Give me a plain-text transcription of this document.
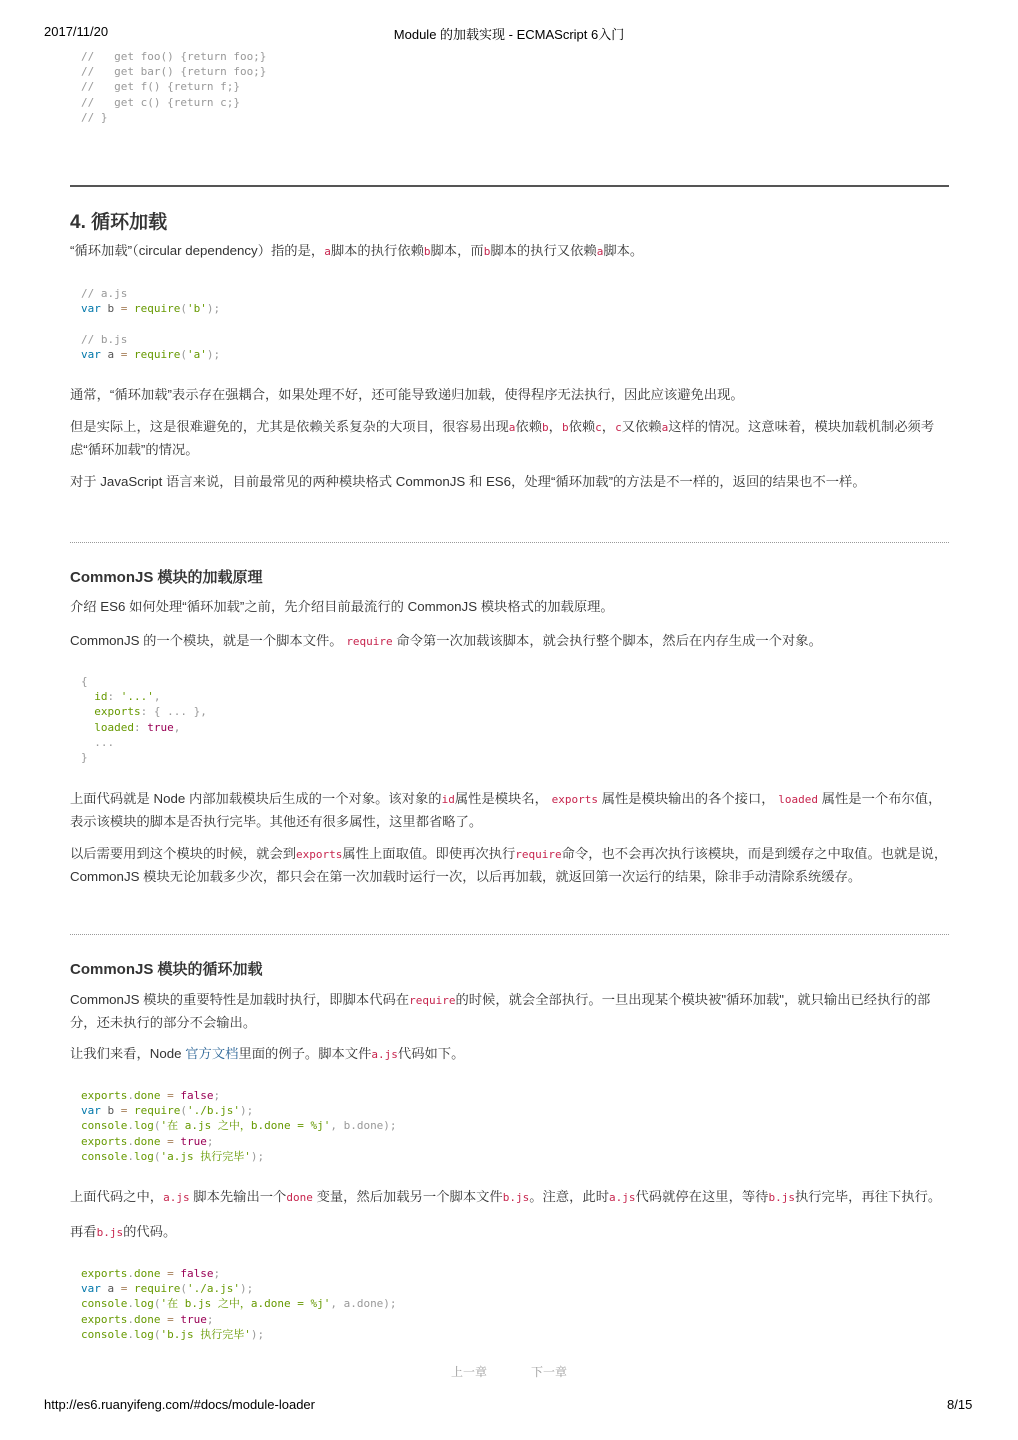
2017/11/20	Module 的加载实现 - ECMAScript 6入门
//   get foo() {return foo;}
//   get bar() {return foo;}
//   get f() {return f;}
//   get c() {return c;}
// }
4. 循环加载

“循环加载”（circular dependency）指的是，a脚本的执行依赖b脚本，而b脚本的执行又依赖a脚本。

// a.js
var b = require('b');

// b.js
var a = require('a');

通常，“循环加载”表示存在强耦合，如果处理不好，还可能导致递归加载，使得程序无法执行，因此应该避免出现。

但是实际上，这是很难避免的，尤其是依赖关系复杂的大项目，很容易出现a依赖b，b依赖c，c又依赖a这样的情况。这意味着，模块加载机制必须考虑“循环加载”的情况。

对于 JavaScript 语言来说，目前最常见的两种模块格式 CommonJS 和 ES6，处理“循环加载”的方法是不一样的，返回的结果也不一样。

CommonJS 模块的加载原理

介绍 ES6 如何处理“循环加载”之前，先介绍目前最流行的 CommonJS 模块格式的加载原理。

CommonJS 的一个模块，就是一个脚本文件。 require 命令第一次加载该脚本，就会执行整个脚本，然后在内存生成一个对象。

{
id: '...',
exports: { ... },
loaded: true,
...
}

上面代码就是 Node 内部加载模块后生成的一个对象。该对象的id属性是模块名， exports 属性是模块输出的各个接口， loaded 属性是一个布尔值，表示该模块的脚本是否执行完毕。其他还有很多属性，这里都省略了。

以后需要用到这个模块的时候，就会到exports属性上面取值。即使再次执行require命令，也不会再次执行该模块，而是到缓存之中取值。也就是说，CommonJS 模块无论加载多少次，都只会在第一次加载时运行一次，以后再加载，就返回第一次运行的结果，除非手动清除系统缓存。

CommonJS 模块的循环加载

CommonJS 模块的重要特性是加载时执行，即脚本代码在require的时候，就会全部执行。一旦出现某个模块被"循环加载"，就只输出已经执行的部分，还未执行的部分不会输出。

让我们来看，Node 官方文档里面的例子。脚本文件a.js代码如下。

exports.done = false;
var b = require('./b.js');
console.log('在 a.js 之中，b.done = %j', b.done);
exports.done = true;
console.log('a.js 执行完毕');

上面代码之中，a.js 脚本先输出一个done 变量，然后加载另一个脚本文件b.js。注意，此时a.js代码就停在这里，等待b.js执行完毕，再往下执行。

再看b.js的代码。

exports.done = false;
var a = require('./a.js');
console.log('在 b.js 之中，a.done = %j', a.done);
exports.done = true;
console.log('b.js 执行完毕');
上一章	下一章
http://es6.ruanyifeng.com/#docs/module-loader	8/15
